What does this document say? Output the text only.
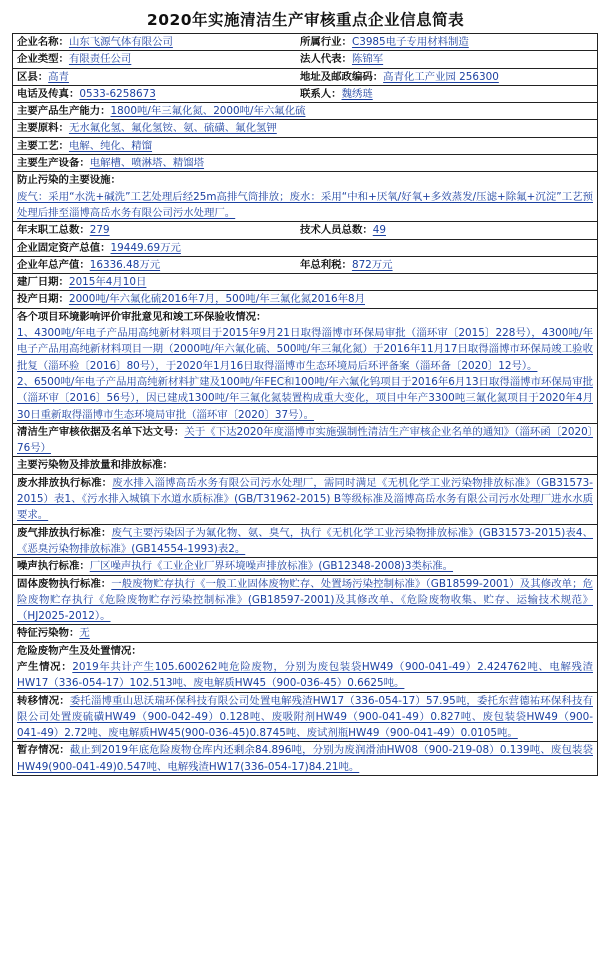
2020年实施清洁生产审核重点企业信息简表
企业名称：山东飞源气体有限公司	所属行业：C3985电子专用材料制造
企业类型：有限责任公司	法人代表：陈锦军
区县：高青	地址及邮政编码：高青化工产业园 256300
电话及传真：0533-6258673	联系人：魏绣琏
主要产品生产能力：1800吨/年三氟化氮、2000吨/年六氟化硫
主要原料：无水氟化氢、氟化氢铵、氨、硫磺、氟化氢钾
主要工艺：电解、纯化、精馏
主要生产设备：电解槽、喷淋塔、精馏塔
防止污染的主要设施：
废气：采用“水洗+碱洗”工艺处理后经25m高排气筒排放；废水：采用“中和+厌氧/好氧+多效蒸发/压滤+除氟+沉淀”工艺预处理后排至淄博高岳水务有限公司污水处理厂。
年末职工总数：279	技术人员总数：49
企业固定资产总值：19449.69万元
企业年总产值：16336.48万元	年总利税：872万元
建厂日期：2015年4月10日
投产日期：2000吨/年六氟化硫2016年7月，500吨/年三氟化氮2016年8月
各个项目环境影响评价审批意见和竣工环保验收情况：

1、4300吨/年电子产品用高纯新材料项目于2015年9月21日取得淄博市环保局审批（淄环审〔2015〕228号），4300吨/年电子产品用高纯新材料项目一期（2000吨/年六氟化硫、500吨/年三氟化氮）于2016年11月17日取得淄博市环保局竣工验收批复（淄环验〔2016〕80号），于2020年1月16日取得淄博市生态环境局后环评备案（淄环备〔2020〕12号）。

2、6500吨/年电子产品用高纯新材料扩建及100吨/年FEC和100吨/年六氟化钨项目于2016年6月13日取得淄博市环保局审批（淄环审〔2016〕56号），因已建成1300吨/年三氟化氮装置构成重大变化，项目中年产3300吨三氟化氮项目于2020年4月30日重新取得淄博市生态环境局审批（淄环审〔2020〕37号）。

清洁生产审核依据及名单下达文号：关于《下达2020年度淄博市实施强制性清洁生产审核企业名单的通知》（淄环函〔2020〕76号）
主要污染物及排放量和排放标准：
废水排放执行标准：废水排入淄博高岳水务有限公司污水处理厂，需同时满足《无机化学工业污染物排放标准》（GB31573-2015）表1、《污水排入城镇下水道水质标准》(GB/T31962-2015) B等级标准及淄博高岳水务有限公司污水处理厂进水水质要求。
废气排放执行标准：废气主要污染因子为氟化物、氨、臭气，执行《无机化学工业污染物排放标准》(GB31573-2015)表4、《恶臭污染物排放标准》(GB14554-1993)表2。
噪声执行标准：厂区噪声执行《工业企业厂界环境噪声排放标准》(GB12348-2008)3类标准。
固体废物执行标准：一般废物贮存执行《一般工业固体废物贮存、处置场污染控制标准》（GB18599-2001）及其修改单；危险废物贮存执行《危险废物贮存污染控制标准》(GB18597-2001)及其修改单、《危险废物收集、贮存、运输技术规范》（HJ2025-2012）。
特征污染物：无
危险废物产生及处置情况：
产生情况：2019年共计产生105.600262吨危险废物，分别为废包装袋HW49（900-041-49）2.424762吨、电解残渣HW17（336-054-17）102.513吨、废电解质HW45（900-036-45）0.6625吨。
转移情况：委托淄博重山思沃瑞环保科技有限公司处置电解残渣HW17（336-054-17）57.95吨，委托东营德祐环保科技有限公司处置废硫磺HW49（900-042-49）0.128吨、废吸附剂HW49（900-041-49）0.827吨、废包装袋HW49（900-041-49）2.72吨、废电解质HW45(900-036-45)0.8745吨、废试剂瓶HW49（900-041-49）0.0105吨。
暂存情况：截止到2019年底危险废物仓库内还剩余84.896吨，分别为废润滑油HW08（900-219-08）0.139吨、废包装袋HW49(900-041-49)0.547吨、电解残渣HW17(336-054-17)84.21吨。
